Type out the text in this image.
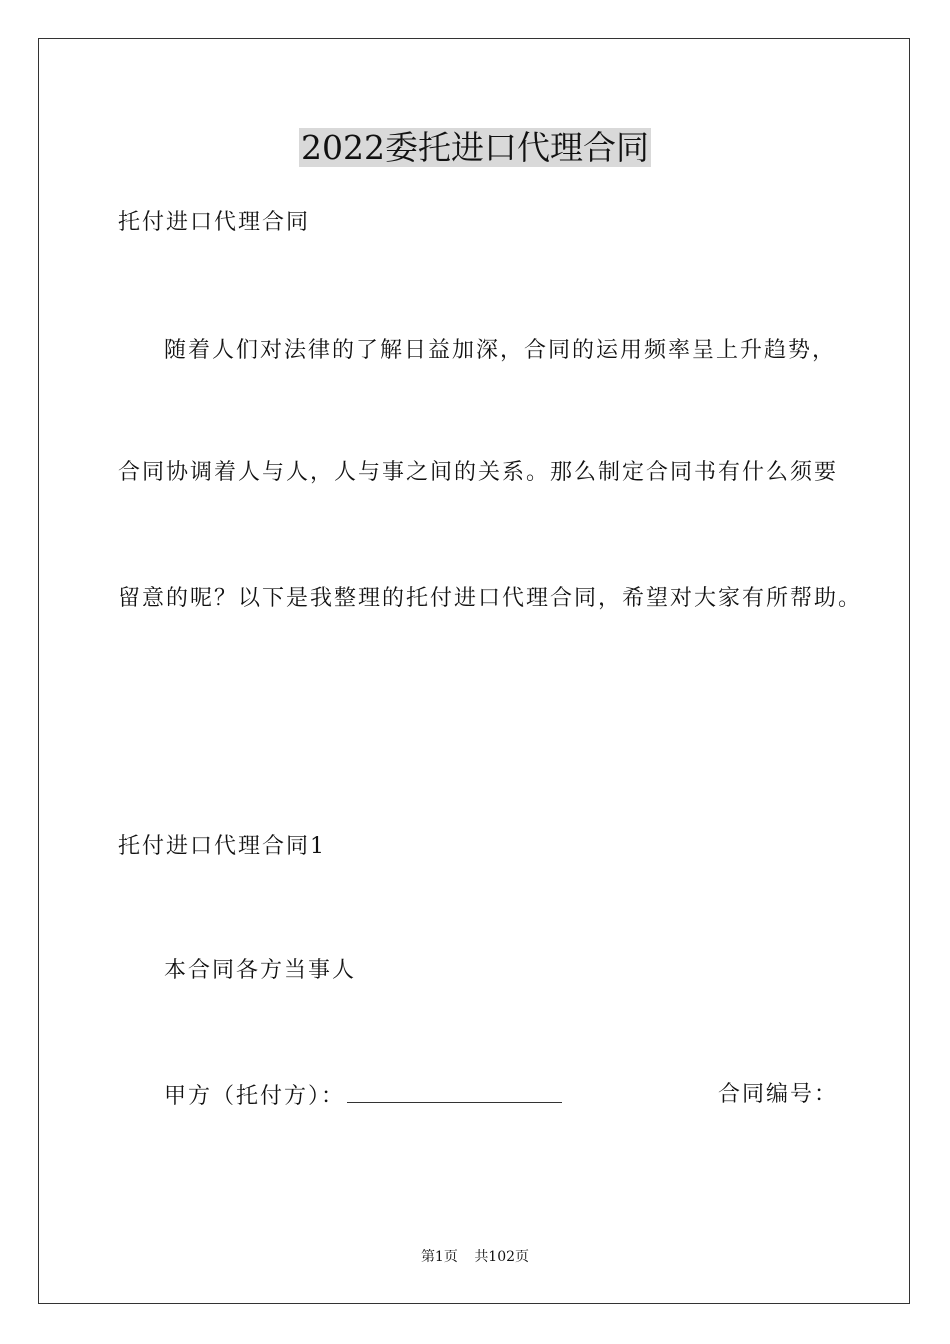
2022委托进口代理合同

托付进口代理合同

随着人们对法律的了解日益加深，合同的运用频率呈上升趋势，

合同协调着人与人，人与事之间的关系。那么制定合同书有什么须要

留意的呢？以下是我整理的托付进口代理合同，希望对大家有所帮助。

托付进口代理合同1

本合同各方当事人

甲方（托付方）：	合同编号：
第1页 共102页
